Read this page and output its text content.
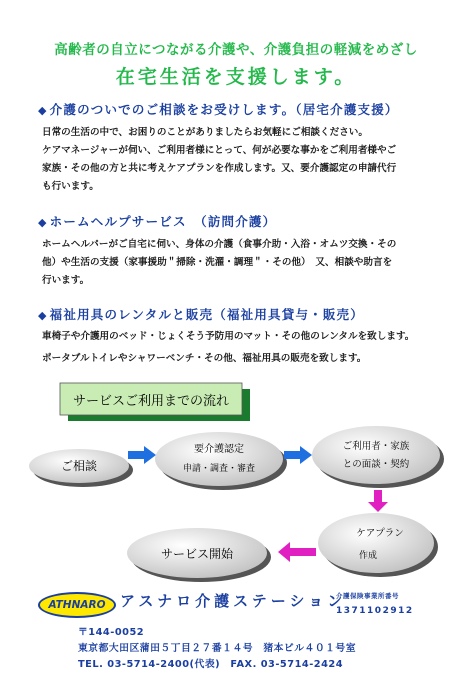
高齢者の自立につながる介護や、介護負担の軽減をめざし
在宅生活を支援します。
◆ 介護のついでのご相談をお受けします。（居宅介護支援）
日常の生活の中で、お困りのことがありましたらお気軽にご相談ください。
ケアマネージャーが伺い、ご利用者様にとって、何が必要な事かをご利用者様やご
家族・その他の方と共に考えケアプランを作成します。又、要介護認定の申請代行
も行います。
◆ ホームヘルプサービス　（訪問介護）
ホームヘルパーがご自宅に伺い、身体の介護（食事介助・入浴・オムツ交換・その
他）や生活の支援（家事援助＂掃除・洗濯・調理＂・その他）　又、相談や助言を
行います。
◆ 福祉用具のレンタルと販売（福祉用具貸与・販売）
車椅子や介護用のベッド・じょくそう予防用のマット・その他のレンタルを致します。
ポータブルトイレやシャワーベンチ・その他、福祉用具の販売を致します。
サービスご利用までの流れ
ご相談
要介護認定
申請・調査・審査
ご利用者・家族
との面談・契約
ケアプラン
作成
サービス開始
ATHNARO アスナロ介護ステーション
介護保険事業所番号
1371102912
〒144-0052
東京都大田区蒲田５丁目２７番１４号　猪本ビル４０１号室
TEL. 03-5714-2400(代表)　FAX. 03-5714-2424
